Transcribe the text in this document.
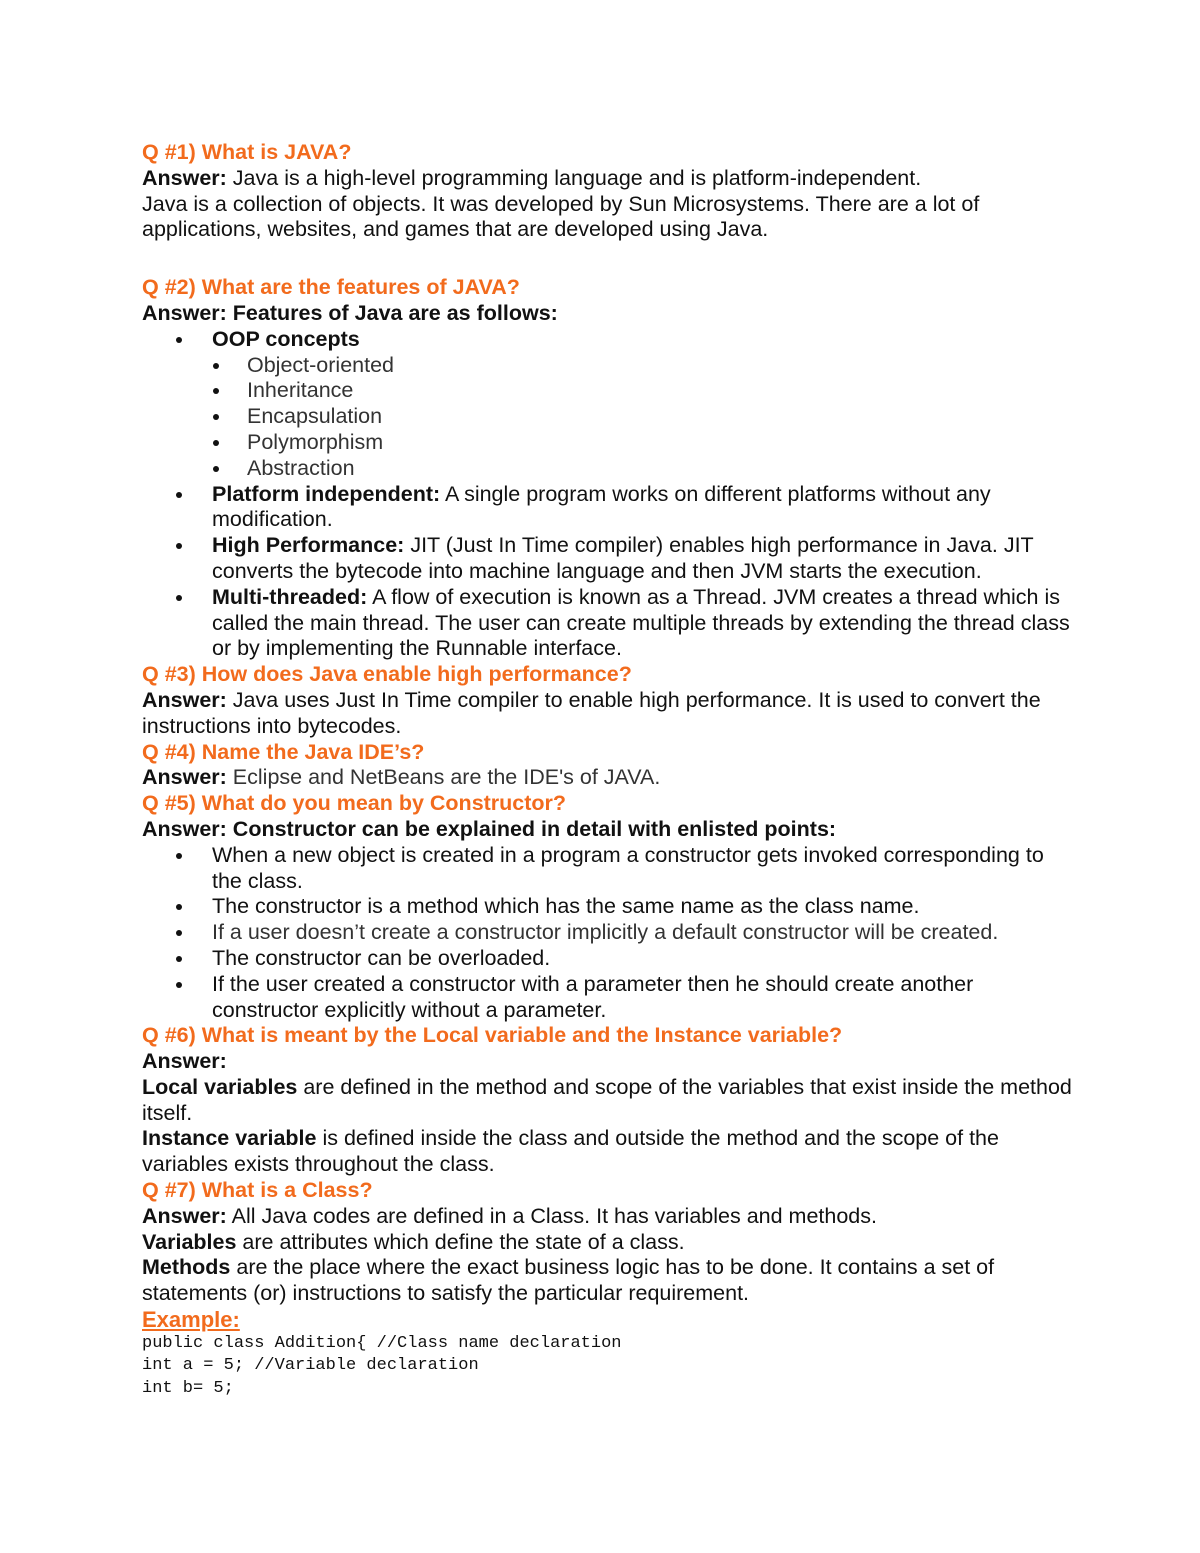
Q #1) What is JAVA?
Answer: Java is a high-level programming language and is platform-independent.
Java is a collection of objects. It was developed by Sun Microsystems. There are a lot of applications, websites, and games that are developed using Java.
Q #2) What are the features of JAVA?
Answer: Features of Java are as follows:
OOP concepts
Object-oriented
Inheritance
Encapsulation
Polymorphism
Abstraction
Platform independent: A single program works on different platforms without any modification.
High Performance: JIT (Just In Time compiler) enables high performance in Java. JIT converts the bytecode into machine language and then JVM starts the execution.
Multi-threaded: A flow of execution is known as a Thread. JVM creates a thread which is called the main thread. The user can create multiple threads by extending the thread class or by implementing the Runnable interface.
Q #3) How does Java enable high performance?
Answer: Java uses Just In Time compiler to enable high performance. It is used to convert the instructions into bytecodes.
Q #4) Name the Java IDE’s?
Answer: Eclipse and NetBeans are the IDE's of JAVA.
Q #5) What do you mean by Constructor?
Answer: Constructor can be explained in detail with enlisted points:
When a new object is created in a program a constructor gets invoked corresponding to the class.
The constructor is a method which has the same name as the class name.
If a user doesn’t create a constructor implicitly a default constructor will be created.
The constructor can be overloaded.
If the user created a constructor with a parameter then he should create another constructor explicitly without a parameter.
Q #6) What is meant by the Local variable and the Instance variable?
Answer:
Local variables are defined in the method and scope of the variables that exist inside the method itself.
Instance variable is defined inside the class and outside the method and the scope of the variables exists throughout the class.
Q #7) What is a Class?
Answer: All Java codes are defined in a Class. It has variables and methods.
Variables are attributes which define the state of a class.
Methods are the place where the exact business logic has to be done. It contains a set of statements (or) instructions to satisfy the particular requirement.
Example:
public class Addition{ //Class name declaration
int a = 5; //Variable declaration
int b= 5;
